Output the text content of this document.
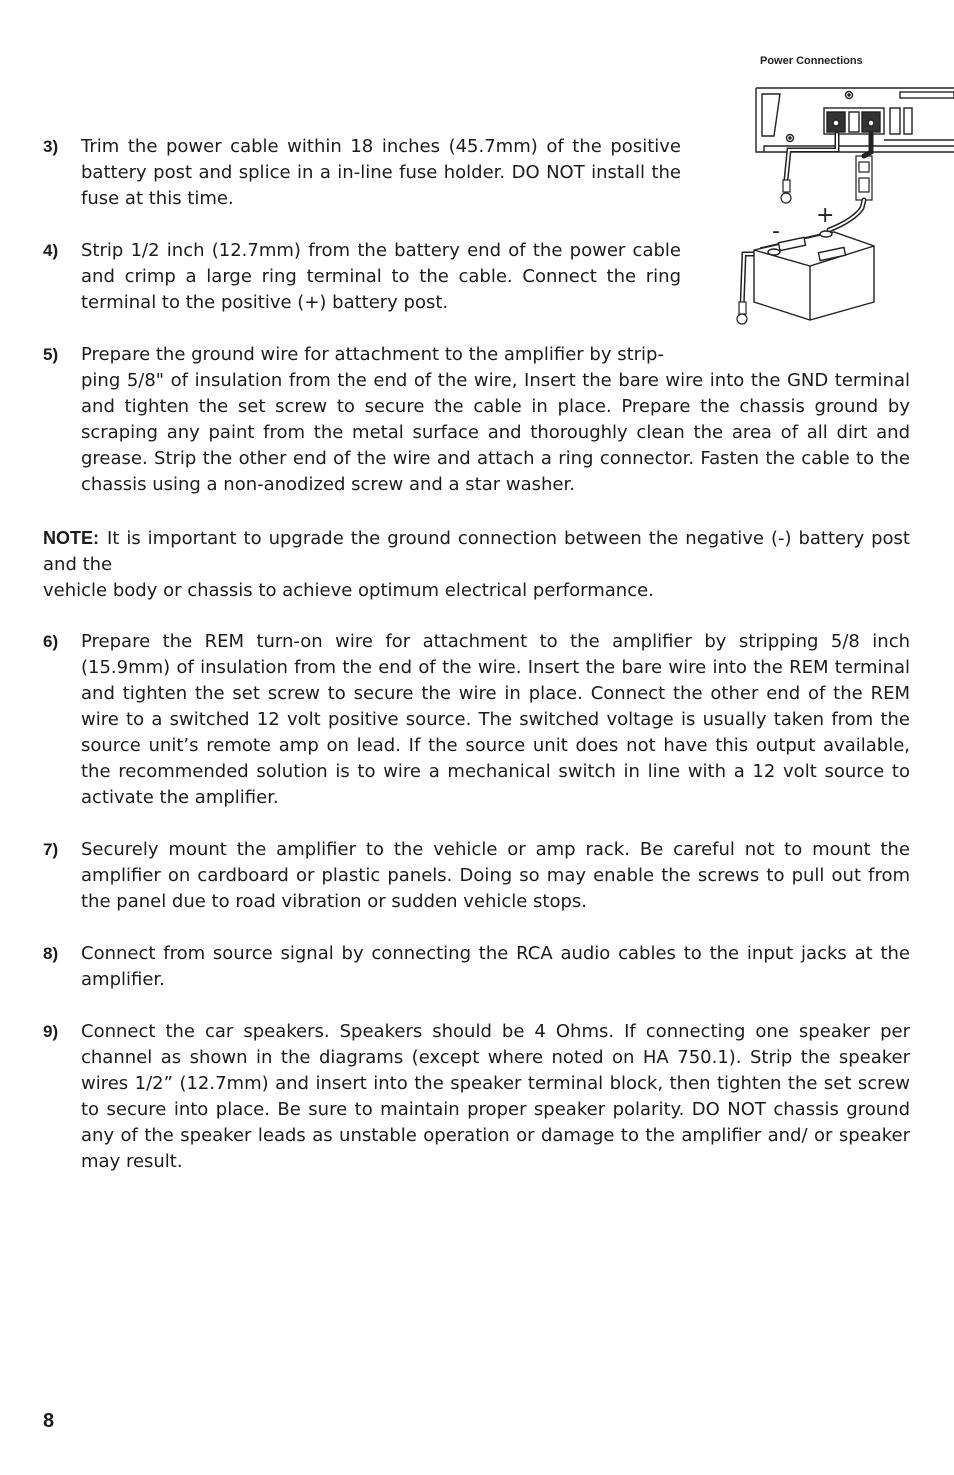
Power Connections
+
-
3) Trim the power cable within 18 inches (45.7mm) of the positive battery post and splice in a in-line fuse holder. DO NOT install the fuse at this time.
4) Strip 1/2 inch (12.7mm) from the battery end of the power cable and crimp a large ring terminal to the cable. Connect the ring terminal to the positive (+) battery post.
5) Prepare the ground wire for attachment to the amplifier by strip-
ping 5/8" of insulation from the end of the wire, Insert the bare wire into the GND terminal and tighten the set screw to secure the cable in place. Prepare the chassis ground by scraping any paint from the metal surface and thoroughly clean the area of all dirt and grease. Strip the other end of the wire and attach a ring connector. Fasten the cable to the chassis using a non-anodized screw and a star washer.
NOTE: It is important to upgrade the ground connection between the negative (-) battery post and the
vehicle body or chassis to achieve optimum electrical performance.
6) Prepare the REM turn-on wire for attachment to the amplifier by stripping 5/8 inch (15.9mm) of insulation from the end of the wire. Insert the bare wire into the REM terminal and tighten the set screw to secure the wire in place. Connect the other end of the REM wire to a switched 12 volt positive source. The switched voltage is usually taken from the source unit’s remote amp on lead. If the source unit does not have this output available, the recommended solution is to wire a mechanical switch in line with a 12 volt source to activate the amplifier.
7) Securely mount the amplifier to the vehicle or amp rack. Be careful not to mount the amplifier on cardboard or plastic panels. Doing so may enable the screws to pull out from the panel due to road vibration or sudden vehicle stops.
8) Connect from source signal by connecting the RCA audio cables to the input jacks at the amplifier.
9) Connect the car speakers. Speakers should be 4 Ohms. If connecting one speaker per channel as shown in the diagrams (except where noted on HA 750.1). Strip the speaker wires 1/2” (12.7mm) and insert into the speaker terminal block, then tighten the set screw to secure into place. Be sure to maintain proper speaker polarity. DO NOT chassis ground any of the speaker leads as unstable operation or damage to the amplifier and/ or speaker may result.
8
